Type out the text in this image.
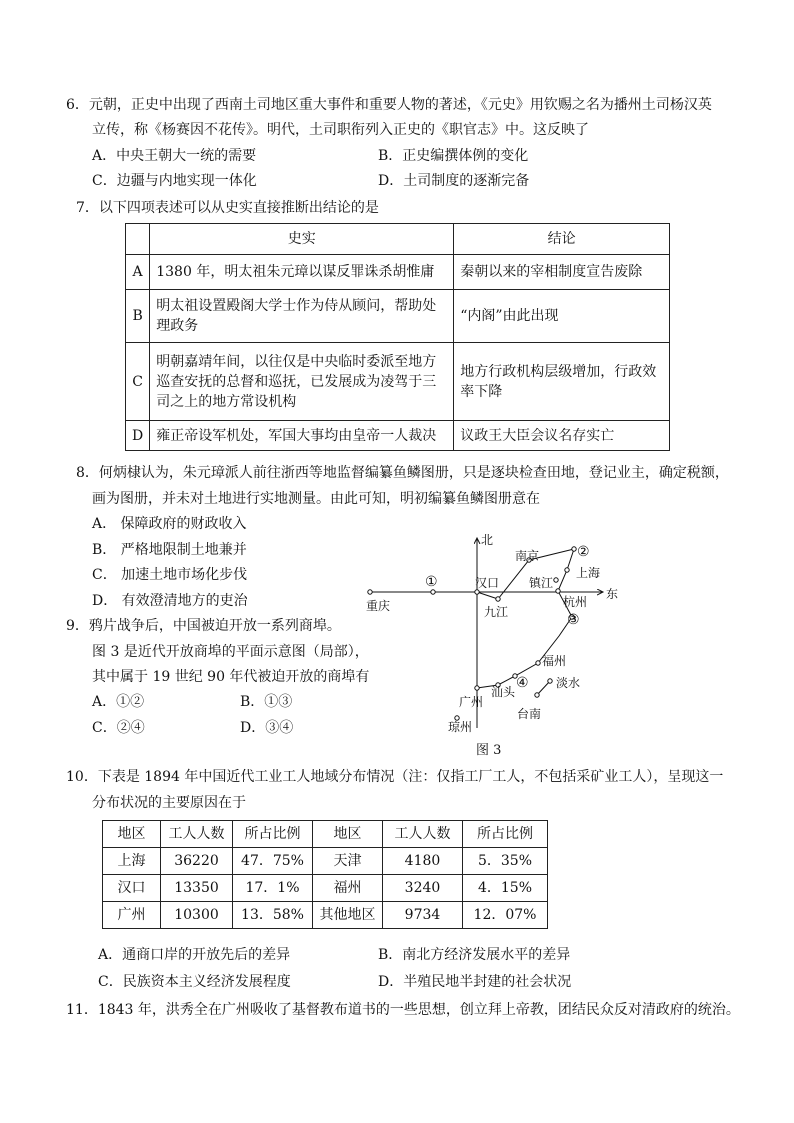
6．元朝，正史中出现了西南土司地区重大事件和重要人物的著述，《元史》用钦赐之名为播州土司杨汉英
立传，称《杨赛因不花传》。明代，土司职衔列入正史的《职官志》中。这反映了
A．中央王朝大一统的需要	B．正史编撰体例的变化
C．边疆与内地实现一体化	D．土司制度的逐渐完备
7．以下四项表述可以从史实直接推断出结论的是
	史实	结论
A	1380 年，明太祖朱元璋以谋反罪诛杀胡惟庸	秦朝以来的宰相制度宣告废除
B	明太祖设置殿阁大学士作为侍从顾问，帮助处理政务	“内阁”由此出现
C	明朝嘉靖年间，以往仅是中央临时委派至地方巡查安抚的总督和巡抚，已发展成为凌驾于三司之上的地方常设机构	地方行政机构层级增加，行政效率下降
D	雍正帝设军机处，军国大事均由皇帝一人裁决	议政王大臣会议名存实亡
8．何炳棣认为，朱元璋派人前往浙西等地监督编纂鱼鳞图册，只是逐块检查田地，登记业主，确定税额，
画为图册，并未对土地进行实地测量。由此可知，明初编纂鱼鳞图册意在
A． 保障政府的财政收入
B． 严格地限制土地兼并
C． 加速土地市场化步伐
D． 有效澄清地方的吏治
9．鸦片战争后，中国被迫开放一系列商埠。
图 3 是近代开放商埠的平面示意图（局部），
其中属于 19 世纪 90 年代被迫开放的商埠有
A．①②	B．①③
C．②④	D．③④
北
东
重庆
汉口
九江
南京
镇江
上海
杭州
福州
汕头
广州
淡水
台南
琼州
①
②
③
④
图 3
10．下表是 1894 年中国近代工业工人地域分布情况（注：仅指工厂工人，不包括采矿业工人），呈现这一
分布状况的主要原因在于
地区	工人人数	所占比例	地区	工人人数	所占比例
上海	36220	47．75%	天津	4180	5．35%
汉口	13350	17．1%	福州	3240	4．15%
广州	10300	13．58%	其他地区	9734	12．07%
A．通商口岸的开放先后的差异	B．南北方经济发展水平的差异
C．民族资本主义经济发展程度	D．半殖民地半封建的社会状况
11．1843 年，洪秀全在广州吸收了基督教布道书的一些思想，创立拜上帝教，团结民众反对清政府的统治。
